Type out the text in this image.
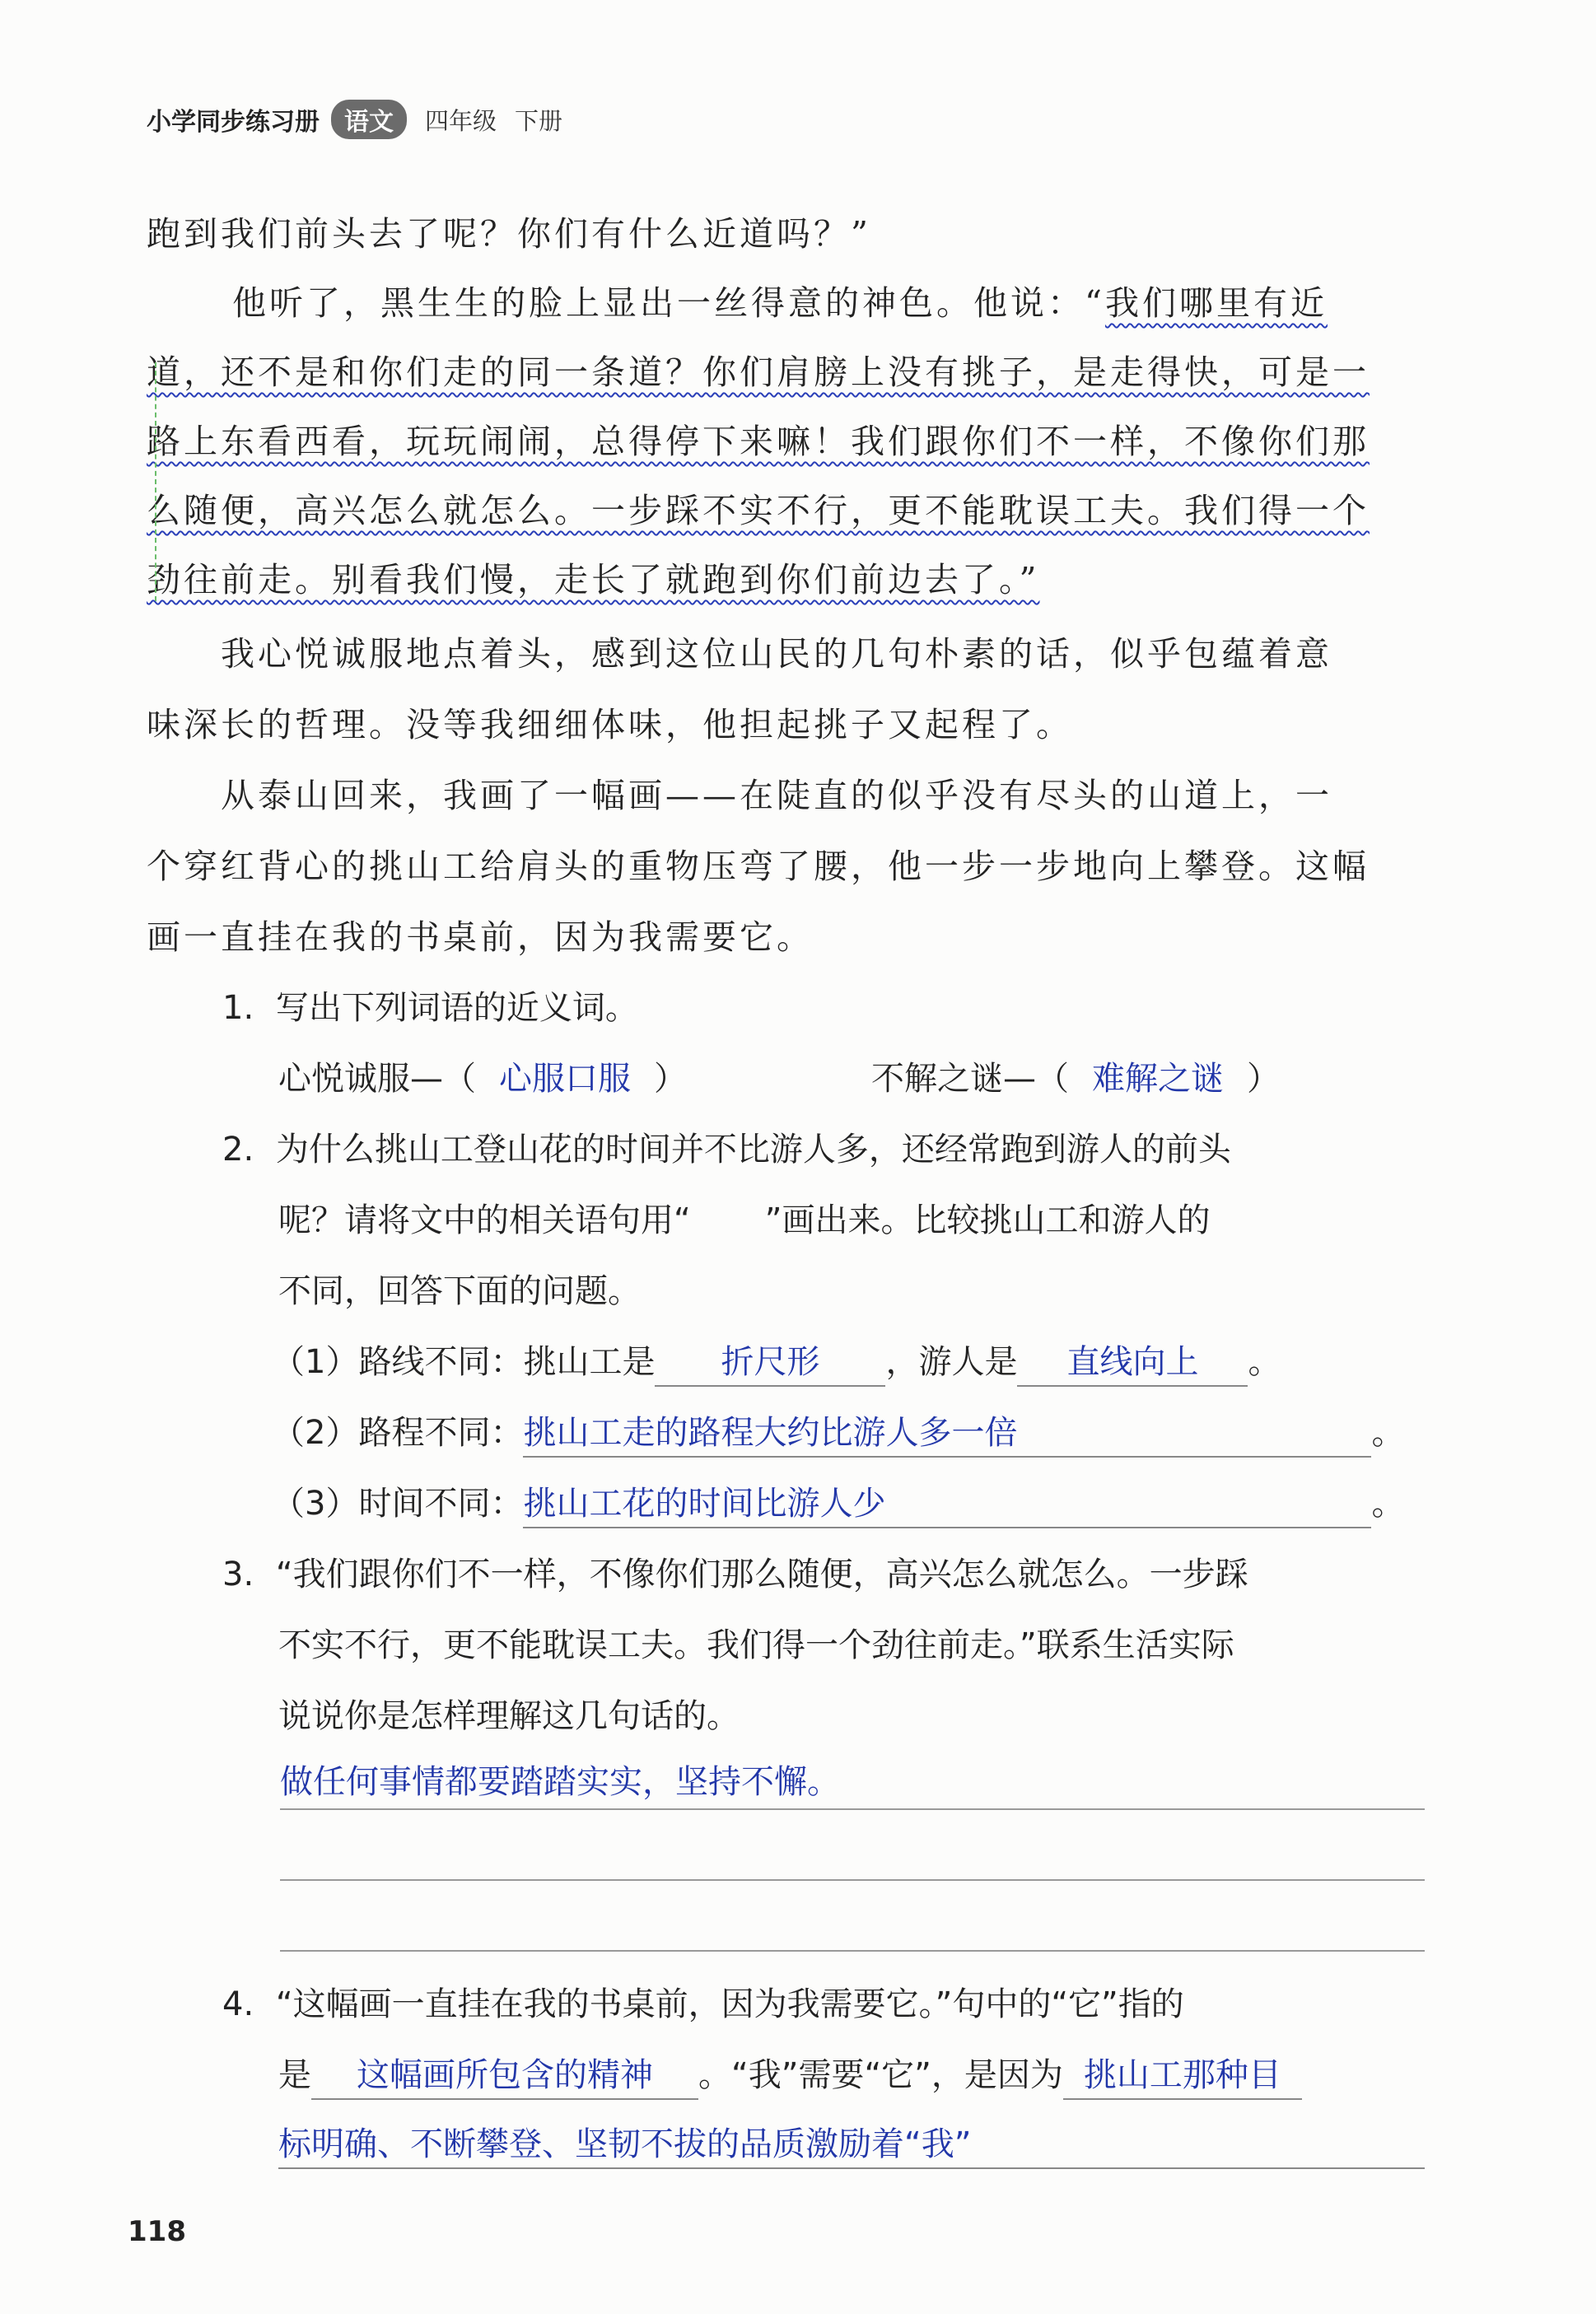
小学同步练习册	语文	四年级 下册
跑到我们前头去了呢？你们有什么近道吗？”
他听了，黑生生的脸上显出一丝得意的神色。他说：“我们哪里有近
道，还不是和你们走的同一条道？你们肩膀上没有挑子，是走得快，可是一
路上东看西看，玩玩闹闹，总得停下来嘛！我们跟你们不一样，不像你们那
么随便，高兴怎么就怎么。一步踩不实不行，更不能耽误工夫。我们得一个
劲往前走。别看我们慢，走长了就跑到你们前边去了。”
我心悦诚服地点着头，感到这位山民的几句朴素的话，似乎包蕴着意
味深长的哲理。没等我细细体味，他担起挑子又起程了。
从泰山回来，我画了一幅画——在陡直的似乎没有尽头的山道上，一
个穿红背心的挑山工给肩头的重物压弯了腰，他一步一步地向上攀登。这幅
画一直挂在我的书桌前，因为我需要它。
1. 写出下列词语的近义词。
心悦诚服—（ 心服口服 ）	不解之谜—（ 难解之谜 ）
2. 为什么挑山工登山花的时间并不比游人多，还经常跑到游人的前头
呢？请将文中的相关语句用“ ”画出来。比较挑山工和游人的
不同，回答下面的问题。
（1）路线不同：挑山工是 折尺形 ，游人是 直线向上 。
（2）路程不同：挑山工走的路程大约比游人多一倍	。
（3）时间不同：挑山工花的时间比游人少	。
3. “我们跟你们不一样，不像你们那么随便，高兴怎么就怎么。一步踩
不实不行，更不能耽误工夫。我们得一个劲往前走。”联系生活实际
说说你是怎样理解这几句话的。
做任何事情都要踏踏实实，坚持不懈。
4. “这幅画一直挂在我的书桌前，因为我需要它。”句中的“它”指的
是 这幅画所包含的精神 。“我”需要“它”，是因为 挑山工那种目
标明确、不断攀登、坚韧不拔的品质激励着“我”
118
